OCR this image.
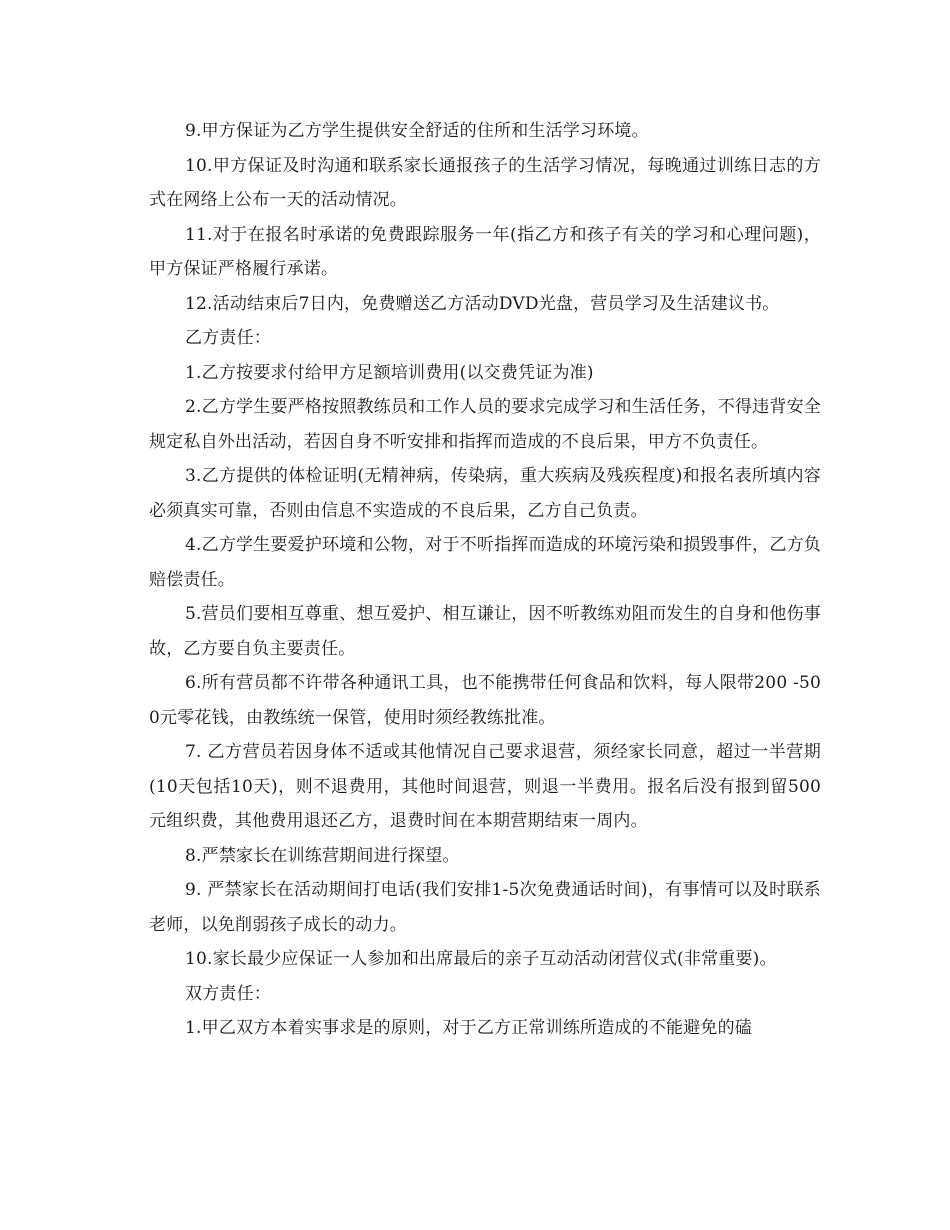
9.甲方保证为乙方学生提供安全舒适的住所和生活学习环境。

10.甲方保证及时沟通和联系家长通报孩子的生活学习情况，每晚通过训练日志的方式在网络上公布一天的活动情况。

11.对于在报名时承诺的免费跟踪服务一年(指乙方和孩子有关的学习和心理问题)，甲方保证严格履行承诺。

12.活动结束后7日内，免费赠送乙方活动DVD光盘，营员学习及生活建议书。

乙方责任：

1.乙方按要求付给甲方足额培训费用(以交费凭证为准)

2.乙方学生要严格按照教练员和工作人员的要求完成学习和生活任务，不得违背安全规定私自外出活动，若因自身不听安排和指挥而造成的不良后果，甲方不负责任。

3.乙方提供的体检证明(无精神病，传染病，重大疾病及残疾程度)和报名表所填内容必须真实可靠，否则由信息不实造成的不良后果，乙方自己负责。

4.乙方学生要爱护环境和公物，对于不听指挥而造成的环境污染和损毁事件，乙方负赔偿责任。

5.营员们要相互尊重、想互爱护、相互谦让，因不听教练劝阻而发生的自身和他伤事故，乙方要自负主要责任。

6.所有营员都不许带各种通讯工具，也不能携带任何食品和饮料，每人限带200 -500元零花钱，由教练统一保管，使用时须经教练批准。

7. 乙方营员若因身体不适或其他情况自己要求退营，须经家长同意，超过一半营期(10天包括10天)，则不退费用，其他时间退营，则退一半费用。报名后没有报到留500元组织费，其他费用退还乙方，退费时间在本期营期结束一周内。

8.严禁家长在训练营期间进行探望。

9. 严禁家长在活动期间打电话(我们安排1-5次免费通话时间)，有事情可以及时联系老师，以免削弱孩子成长的动力。

10.家长最少应保证一人参加和出席最后的亲子互动活动闭营仪式(非常重要)。

双方责任：

1.甲乙双方本着实事求是的原则，对于乙方正常训练所造成的不能避免的磕
